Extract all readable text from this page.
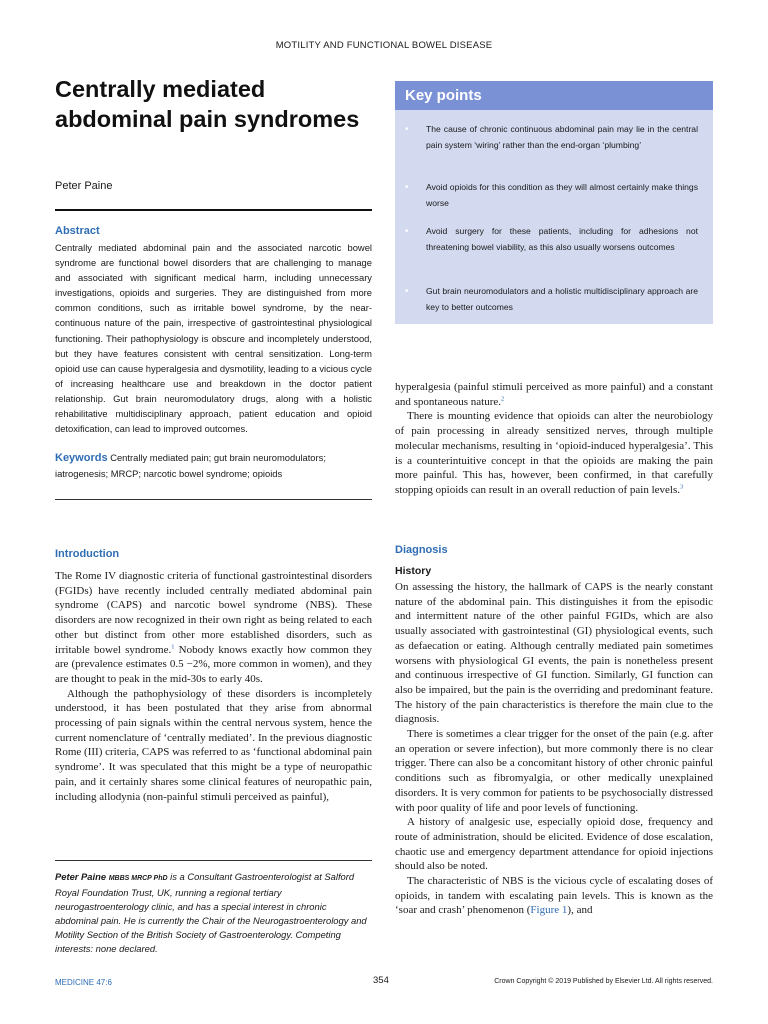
MOTILITY AND FUNCTIONAL BOWEL DISEASE
Centrally mediated abdominal pain syndromes
Peter Paine
Abstract
Centrally mediated abdominal pain and the associated narcotic bowel syndrome are functional bowel disorders that are challenging to manage and associated with significant medical harm, including unnecessary investigations, opioids and surgeries. They are distinguished from more common conditions, such as irritable bowel syndrome, by the near-continuous nature of the pain, irrespective of gastrointestinal physiological functioning. Their pathophysiology is obscure and incompletely understood, but they have features consistent with central sensitization. Long-term opioid use can cause hyperalgesia and dysmotility, leading to a vicious cycle of increasing healthcare use and breakdown in the doctor patient relationship. Gut brain neuromodulatory drugs, along with a holistic rehabilitative multidisciplinary approach, patient education and opioid detoxification, can lead to improved outcomes.
Keywords Centrally mediated pain; gut brain neuromodulators; iatrogenesis; MRCP; narcotic bowel syndrome; opioids
Key points
•	The cause of chronic continuous abdominal pain may lie in the central pain system ‘wiring’ rather than the end-organ ‘plumbing’
•	Avoid opioids for this condition as they will almost certainly make things worse
•	Avoid surgery for these patients, including for adhesions not threatening bowel viability, as this also usually worsens outcomes
•	Gut brain neuromodulators and a holistic multidisciplinary approach are key to better outcomes
Introduction

The Rome IV diagnostic criteria of functional gastrointestinal disorders (FGIDs) have recently included centrally mediated abdominal pain syndrome (CAPS) and narcotic bowel syndrome (NBS). These disorders are now recognized in their own right as being related to each other but distinct from other more established disorders, such as irritable bowel syndrome.$^1$ Nobody knows exactly how common they are (prevalence estimates 0.5 −2%, more common in women), and they are thought to peak in the mid-30s to early 40s.

Although the pathophysiology of these disorders is incompletely understood, it has been postulated that they arise from abnormal processing of pain signals within the central nervous system, hence the current nomenclature of ‘centrally mediated’. In the previous diagnostic Rome (III) criteria, CAPS was referred to as ‘functional abdominal pain syndrome’. It was speculated that this might be a type of neuropathic pain, and it certainly shares some clinical features of neuropathic pain, including allodynia (non-painful stimuli perceived as painful),

hyperalgesia (painful stimuli perceived as more painful) and a constant and spontaneous nature.$^2$

There is mounting evidence that opioids can alter the neurobiology of pain processing in already sensitized nerves, through multiple molecular mechanisms, resulting in ‘opioid-induced hyperalgesia’. This is a counterintuitive concept in that the opioids are making the pain more painful. This has, however, been confirmed, in that carefully stopping opioids can result in an overall reduction of pain levels.$^3$

Diagnosis
History

On assessing the history, the hallmark of CAPS is the nearly constant nature of the abdominal pain. This distinguishes it from the episodic and intermittent nature of the other painful FGIDs, which are also usually associated with gastrointestinal (GI) physiological events, such as defaecation or eating. Although centrally mediated pain sometimes worsens with physiological GI events, the pain is nonetheless present and continuous irrespective of GI function. Similarly, GI function can also be impaired, but the pain is the overriding and predominant feature. The history of the pain characteristics is therefore the main clue to the diagnosis.

There is sometimes a clear trigger for the onset of the pain (e.g. after an operation or severe infection), but more commonly there is no clear trigger. There can also be a concomitant history of other chronic painful conditions such as fibromyalgia, or other medically unexplained disorders. It is very common for patients to be psychosocially distressed with poor quality of life and poor levels of functioning.

A history of analgesic use, especially opioid dose, frequency and route of administration, should be elicited. Evidence of dose escalation, chaotic use and emergency department attendance for opioid injections should also be noted.

The characteristic of NBS is the vicious cycle of escalating doses of opioids, in tandem with escalating pain levels. This is known as the ‘soar and crash’ phenomenon (Figure 1), and

Peter Paine MBBS MRCP PhD is a Consultant Gastroenterologist at Salford Royal Foundation Trust, UK, running a regional tertiary neurogastroenterology clinic, and has a special interest in chronic abdominal pain. He is currently the Chair of the Neurogastroenterology and Motility Section of the British Society of Gastroenterology. Competing interests: none declared.
MEDICINE 47:6	354	Crown Copyright © 2019 Published by Elsevier Ltd. All rights reserved.
